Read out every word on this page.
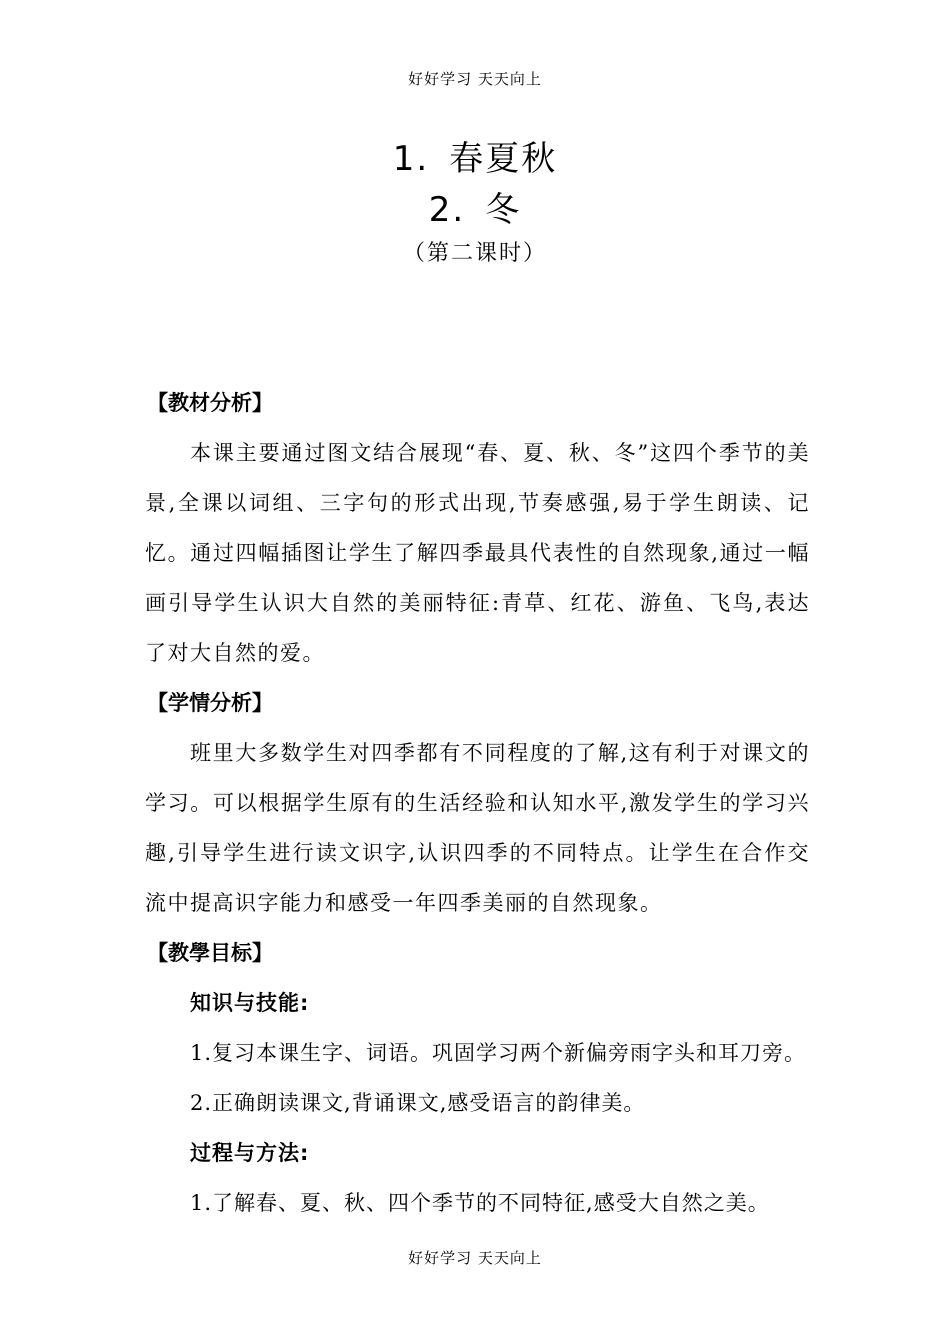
好好学习 天天向上
1. 春夏秋
2. 冬
（第二课时）
【教材分析】
本课主要通过图文结合展现“春、夏、秋、冬”这四个季节的美景,全课以词组、三字句的形式出现,节奏感强,易于学生朗读、记忆。通过四幅插图让学生了解四季最具代表性的自然现象,通过一幅画引导学生认识大自然的美丽特征:青草、红花、游鱼、飞鸟,表达了对大自然的爱。
【学情分析】
班里大多数学生对四季都有不同程度的了解,这有利于对课文的学习。可以根据学生原有的生活经验和认知水平,激发学生的学习兴趣,引导学生进行读文识字,认识四季的不同特点。让学生在合作交流中提高识字能力和感受一年四季美丽的自然现象。
【教學目标】
知识与技能:
1.复习本课生字、词语。巩固学习两个新偏旁雨字头和耳刀旁。
2.正确朗读课文,背诵课文,感受语言的韵律美。
过程与方法:
1.了解春、夏、秋、四个季节的不同特征,感受大自然之美。
好好学习 天天向上
